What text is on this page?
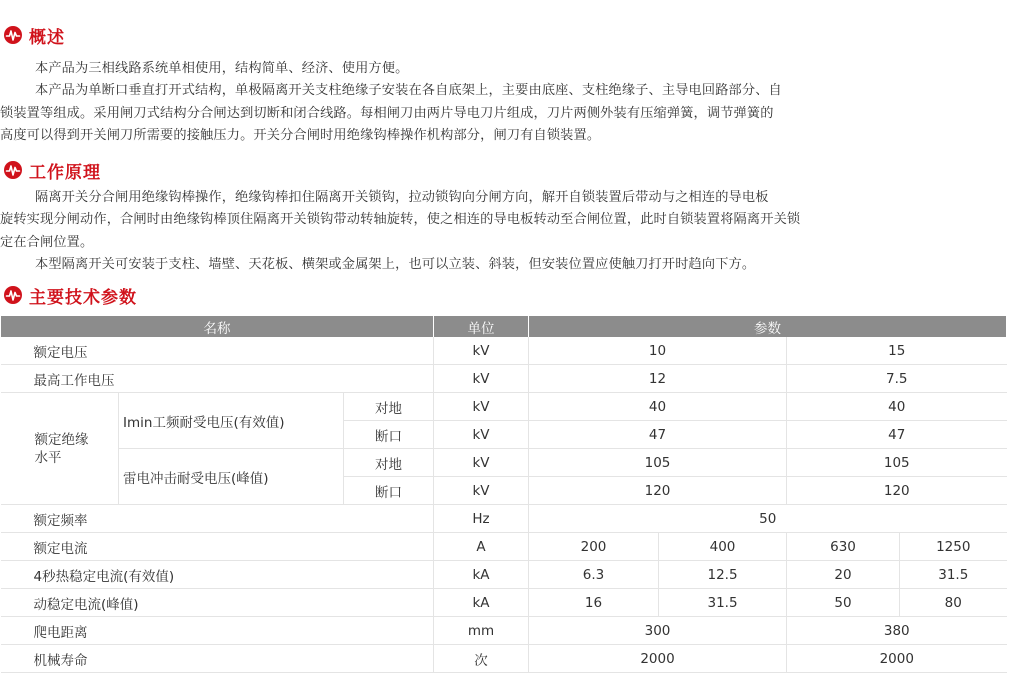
概述
本产品为三相线路系统单相使用，结构简单、经济、使用方便。
本产品为单断口垂直打开式结构，单极隔离开关支柱绝缘子安装在各自底架上，主要由底座、支柱绝缘子、主导电回路部分、自
锁装置等组成。采用闸刀式结构分合闸达到切断和闭合线路。每相闸刀由两片导电刀片组成，刀片两侧外装有压缩弹簧，调节弹簧的
高度可以得到开关闸刀所需要的接触压力。开关分合闸时用绝缘钩棒操作机构部分，闸刀有自锁装置。
工作原理
隔离开关分合闸用绝缘钩棒操作，绝缘钩棒扣住隔离开关锁钩，拉动锁钩向分闸方向，解开自锁装置后带动与之相连的导电板
旋转实现分闸动作，合闸时由绝缘钩棒顶住隔离开关锁钩带动转轴旋转，使之相连的导电板转动至合闸位置，此时自锁装置将隔离开关锁
定在合闸位置。
本型隔离开关可安装于支柱、墙壁、天花板、横架或金属架上，也可以立装、斜装，但安装位置应使触刀打开时趋向下方。
主要技术参数
名称			单位	参数			
额定电压			kV	10		15	
最高工作电压			kV	12		7.5	

额定绝缘水平	Imin工频耐受电压(有效值)	对地	kV	40		40	
		断口	kV	47		47	
	雷电冲击耐受电压(峰值)	对地	kV	105		105	
		断口	kV	120		120	
额定频率			Hz	50			
额定电流			A	200	400	630	1250
4秒热稳定电流(有效值)			kA	6.3	12.5	20	31.5
动稳定电流(峰值)			kA	16	31.5	50	80
爬电距离			mm	300		380	
机械寿命			次	2000		2000	
